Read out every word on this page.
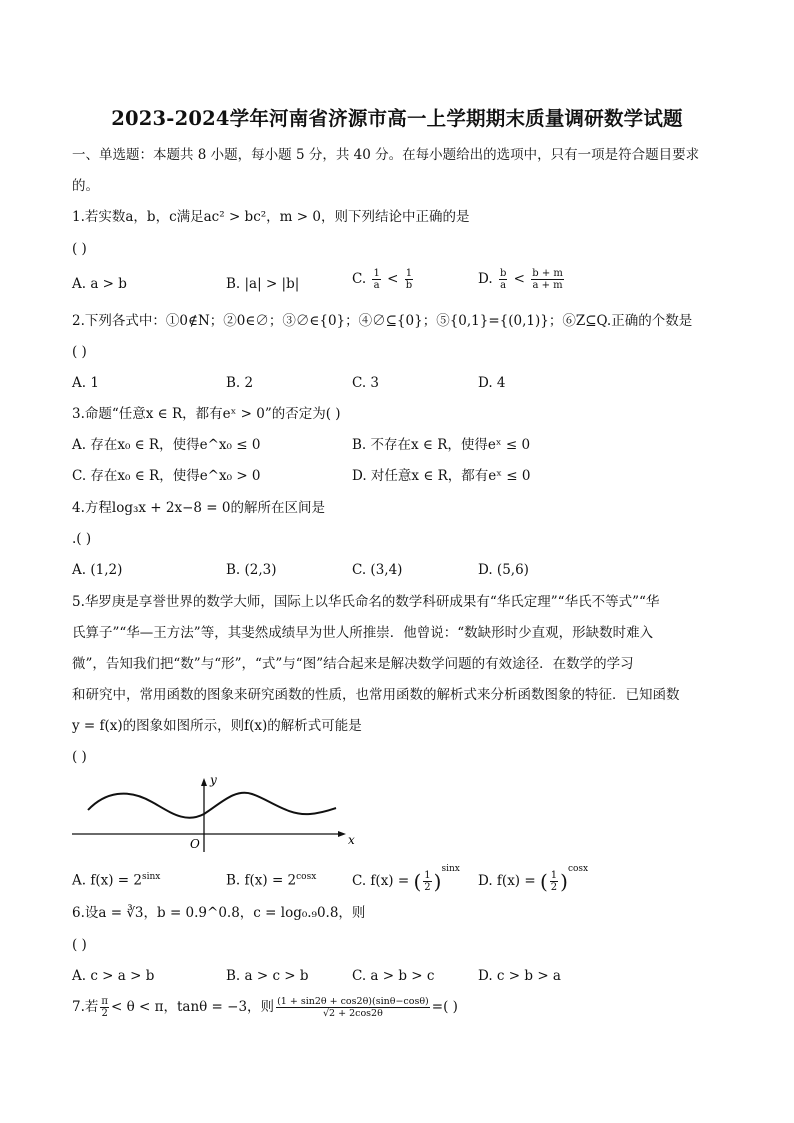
2023-2024学年河南省济源市高一上学期期末质量调研数学试题
一、单选题：本题共 8 小题，每小题 5 分，共 40 分。在每小题给出的选项中，只有一项是符合题目要求
的。
1.若实数a，b，c满足ac² > bc²，m > 0，则下列结论中正确的是
( )
A. a > b	B. |a| > |b|	C. $\frac{1}{a} < \frac{1}{b}$	D. $\frac{b}{a} < \frac{b + m}{a + m}$
2.下列各式中：①0∉N；②0∈∅；③∅∈{0}；④∅⊆{0}；⑤{0,1}={(0,1)}；⑥Z⊆Q.正确的个数是
( )
A. 1	B. 2	C. 3	D. 4
3.命题“任意x ∈ R，都有eˣ > 0”的否定为( )
A. 存在x₀ ∈ R，使得e^x₀ ≤ 0	B. 不存在x ∈ R，使得eˣ ≤ 0
C. 存在x₀ ∈ R，使得e^x₀ > 0	D. 对任意x ∈ R，都有eˣ ≤ 0
4.方程log₃x + 2x−8 = 0的解所在区间是
.( )
A. (1,2)	B. (2,3)	C. (3,4)	D. (5,6)
5.华罗庚是享誉世界的数学大师，国际上以华氏命名的数学科研成果有“华氏定理”“华氏不等式”“华
氏算子”“华—王方法”等，其斐然成绩早为世人所推崇．他曾说：“数缺形时少直观，形缺数时难入
微”，告知我们把“数”与“形”，“式”与“图”结合起来是解决数学问题的有效途径．在数学的学习
和研究中，常用函数的图象来研究函数的性质，也常用函数的解析式来分析函数图象的特征．已知函数
y = f(x)的图象如图所示，则f(x)的解析式可能是
( )
y
x
O
A. $f(x) = 2^{sinx}$	B. $f(x) = 2^{cosx}$	C. f(x) = ( $\frac{1}{2} )^{sinx}$
D. f(x) = ( $\frac{1}{2} )^{cosx}$
6.设a = ∛3，b = 0.9^0.8，c = log₀.₉0.8，则
( )
A. c > a > b	B. a > c > b	C. a > b > c	D. c > b > a
7.若 $\frac{\pi}{2} < \theta < \pi$，tanθ = −3，则 $\frac{(1 + \sin 2\theta + \cos 2\theta)(\sin\theta-\cos\theta)}{√2 + 2\cos 2\theta}$ =( )
